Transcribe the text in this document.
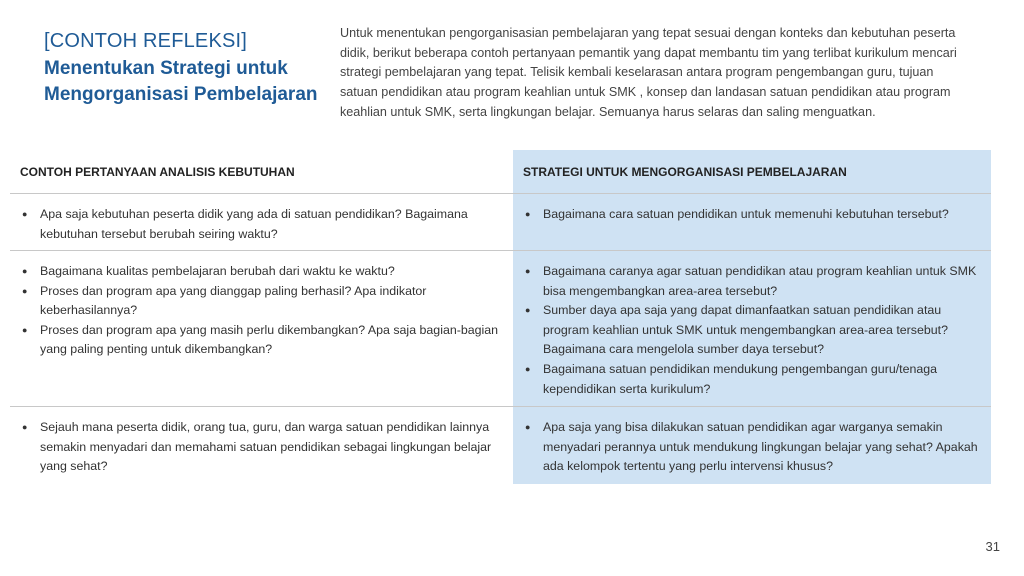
[CONTOH REFLEKSI]
Menentukan Strategi untuk Mengorganisasi Pembelajaran
Untuk menentukan pengorganisasian pembelajaran yang tepat sesuai dengan konteks dan kebutuhan peserta didik, berikut beberapa contoh pertanyaan pemantik yang dapat membantu tim yang terlibat kurikulum mencari strategi pembelajaran yang tepat. Telisik kembali keselarasan antara program pengembangan guru, tujuan satuan pendidikan atau program keahlian untuk SMK , konsep dan landasan satuan pendidikan atau program keahlian untuk SMK, serta lingkungan belajar. Semuanya harus selaras dan saling menguatkan.
CONTOH PERTANYAAN ANALISIS KEBUTUHAN	STRATEGI UNTUK MENGORGANISASI PEMBELAJARAN
● Apa saja kebutuhan peserta didik yang ada di satuan pendidikan? Bagaimana kebutuhan tersebut berubah seiring waktu?
● Bagaimana cara satuan pendidikan untuk memenuhi kebutuhan tersebut?
● Bagaimana kualitas pembelajaran berubah dari waktu ke waktu?
● Proses dan program apa yang dianggap paling berhasil? Apa indikator keberhasilannya?
● Proses dan program apa yang masih perlu dikembangkan? Apa saja bagian-bagian yang paling penting untuk dikembangkan?
● Bagaimana caranya agar satuan pendidikan atau program keahlian untuk SMK bisa mengembangkan area-area tersebut?
● Sumber daya apa saja yang dapat dimanfaatkan satuan pendidikan atau program keahlian untuk SMK untuk mengembangkan area-area tersebut? Bagaimana cara mengelola sumber daya tersebut?
● Bagaimana satuan pendidikan mendukung pengembangan guru/tenaga kependidikan serta kurikulum?
● Sejauh mana peserta didik, orang tua, guru, dan warga satuan pendidikan lainnya semakin menyadari dan memahami satuan pendidikan sebagai lingkungan belajar yang sehat?
● Apa saja yang bisa dilakukan satuan pendidikan agar warganya semakin menyadari perannya untuk mendukung lingkungan belajar yang sehat? Apakah ada kelompok tertentu yang perlu intervensi khusus?
31
